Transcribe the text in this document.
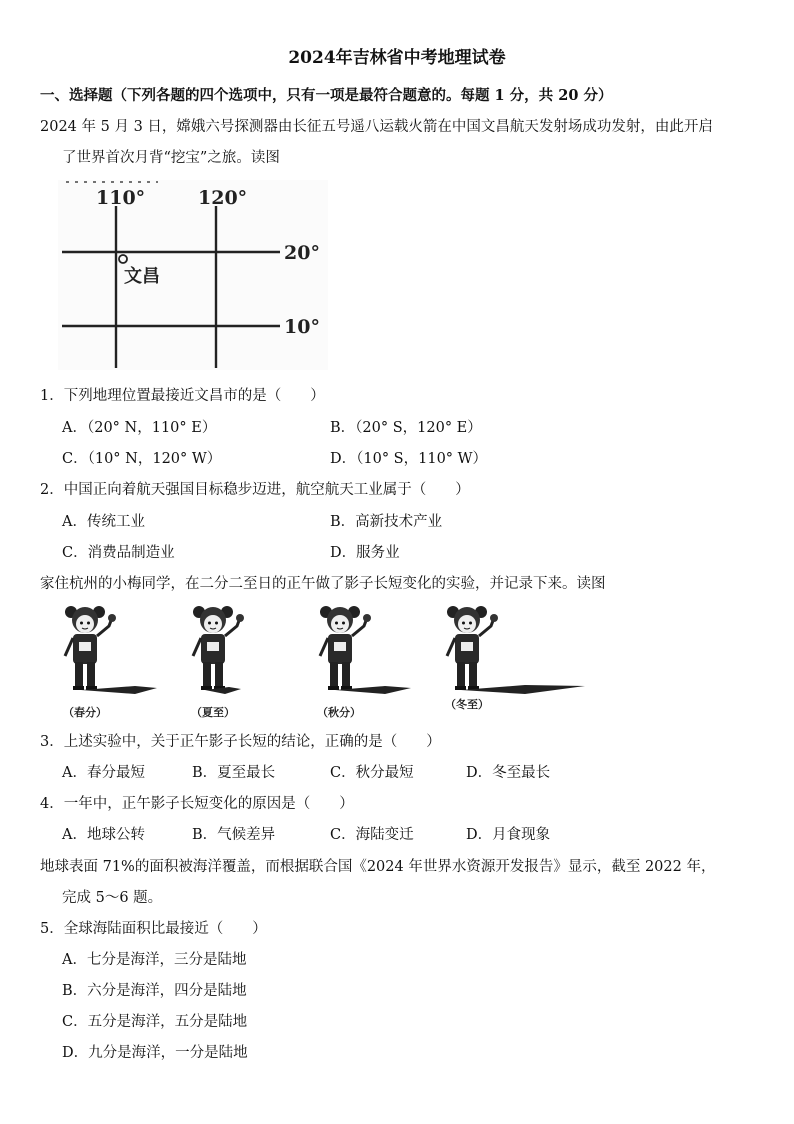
2024年吉林省中考地理试卷
一、选择题（下列各题的四个选项中，只有一项是最符合题意的。每题 1 分，共 20 分）
2024 年 5 月 3 日，嫦娥六号探测器由长征五号遥八运载火箭在中国文昌航天发射场成功发射，由此开启
了世界首次月背“挖宝”之旅。读图
110°	120°
20°
10°
文昌
1．下列地理位置最接近文昌市的是（　　）
A．（20° N，110° E）	B．（20° S，120° E）
C．（10° N，120° W）	D．（10° S，110° W）
2．中国正向着航天强国目标稳步迈进，航空航天工业属于（　　）
A．传统工业	B．高新技术产业
C．消费品制造业	D．服务业
家住杭州的小梅同学，在二分二至日的正午做了影子长短变化的实验，并记录下来。读图
（春分）	（夏至）	（秋分）
（冬至）
3．上述实验中，关于正午影子长短的结论，正确的是（　　）
A．春分最短	B．夏至最长	C．秋分最短	D．冬至最长
4．一年中，正午影子长短变化的原因是（　　）
A．地球公转	B．气候差异	C．海陆变迁	D．月食现象
地球表面 71%的面积被海洋覆盖，而根据联合国《2024 年世界水资源开发报告》显示，截至 2022 年，
完成 5～6 题。
5．全球海陆面积比最接近（　　）
A．七分是海洋，三分是陆地
B．六分是海洋，四分是陆地
C．五分是海洋，五分是陆地
D．九分是海洋，一分是陆地
